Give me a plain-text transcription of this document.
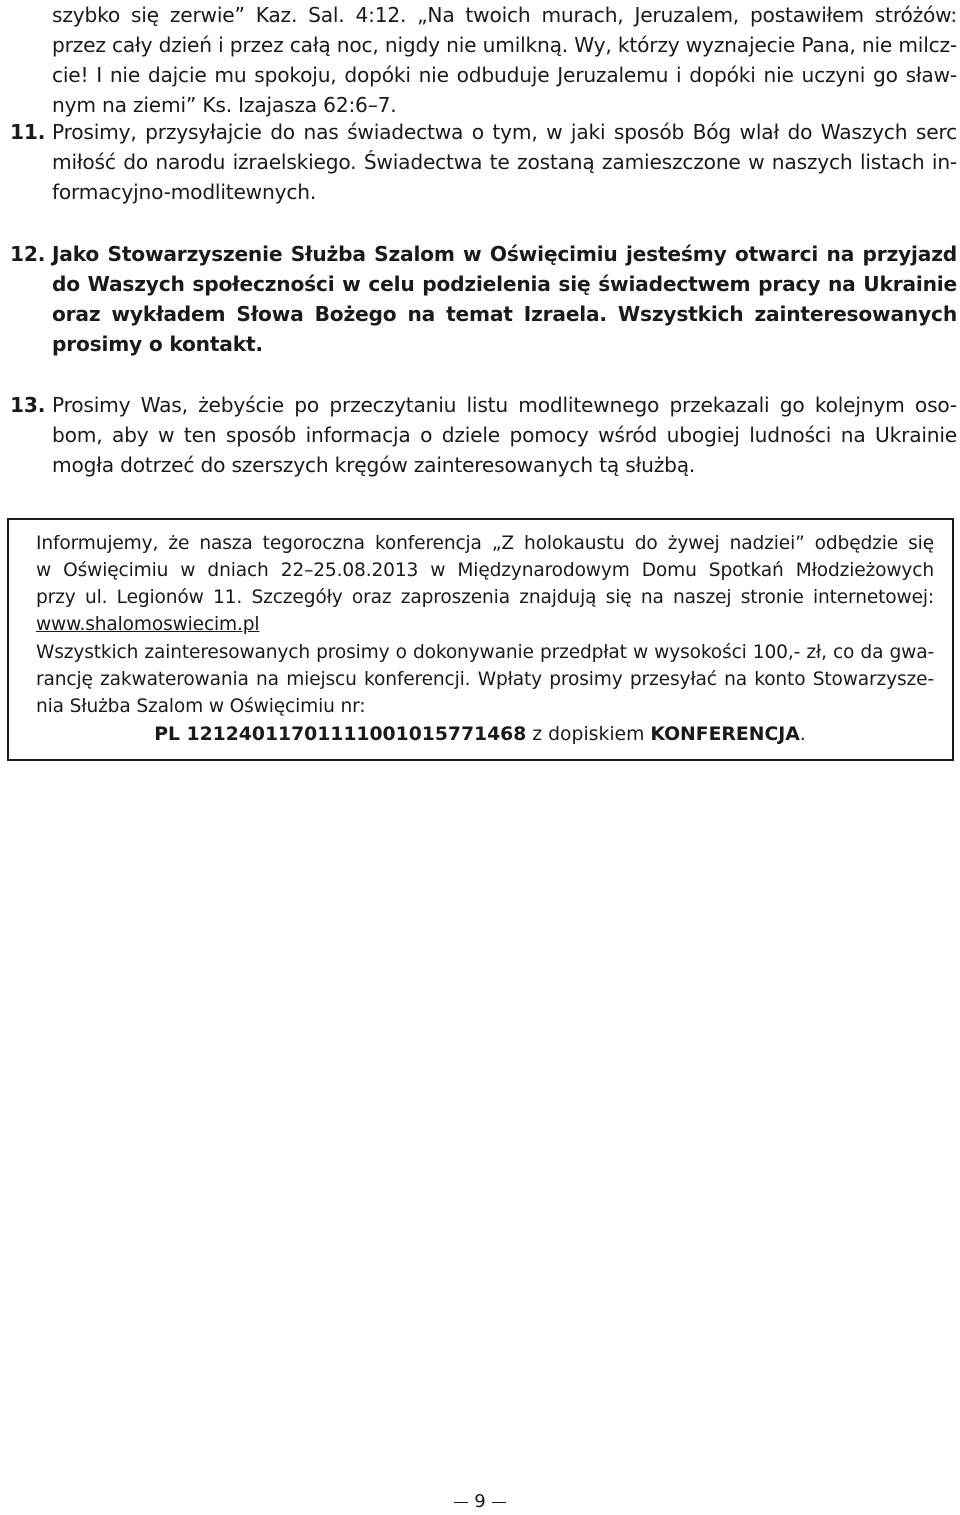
szybko się zerwie” Kaz. Sal. 4:12. „Na twoich murach, Jeruzalem, postawiłem stróżów:
przez cały dzień i przez całą noc, nigdy nie umilkną. Wy, którzy wyznajecie Pana, nie milcz-
cie! I nie dajcie mu spokoju, dopóki nie odbuduje Jeruzalemu i dopóki nie uczyni go sław-
nym na ziemi” Ks. Izajasza 62:6–7.

11. Prosimy, przysyłajcie do nas świadectwa o tym, w jaki sposób Bóg wlał do Waszych serc
miłość do narodu izraelskiego. Świadectwa te zostaną zamieszczone w naszych listach in-
formacyjno-modlitewnych.

12. Jako Stowarzyszenie Służba Szalom w Oświęcimiu jesteśmy otwarci na przyjazd
do Waszych społeczności w celu podzielenia się świadectwem pracy na Ukrainie
oraz wykładem Słowa Bożego na temat Izraela. Wszystkich zainteresowanych
prosimy o kontakt.

13. Prosimy Was, żebyście po przeczytaniu listu modlitewnego przekazali go kolejnym oso-
bom, aby w ten sposób informacja o dziele pomocy wśród ubogiej ludności na Ukrainie
mogła dotrzeć do szerszych kręgów zainteresowanych tą służbą.

Informujemy, że nasza tegoroczna konferencja „Z holokaustu do żywej nadziei” odbędzie się
w Oświęcimiu w dniach 22–25.08.2013 w Międzynarodowym Domu Spotkań Młodzieżowych
przy ul. Legionów 11. Szczegóły oraz zaproszenia znajdują się na naszej stronie internetowej:
www.shalomoswiecim.pl

Wszystkich zainteresowanych prosimy o dokonywanie przedpłat w wysokości 100,- zł, co da gwa-
rancję zakwaterowania na miejscu konferencji. Wpłaty prosimy przesyłać na konto Stowarzysze-
nia Służba Szalom w Oświęcimiu nr:

PL 12124011701111001015771468 z dopiskiem KONFERENCJA.
9
